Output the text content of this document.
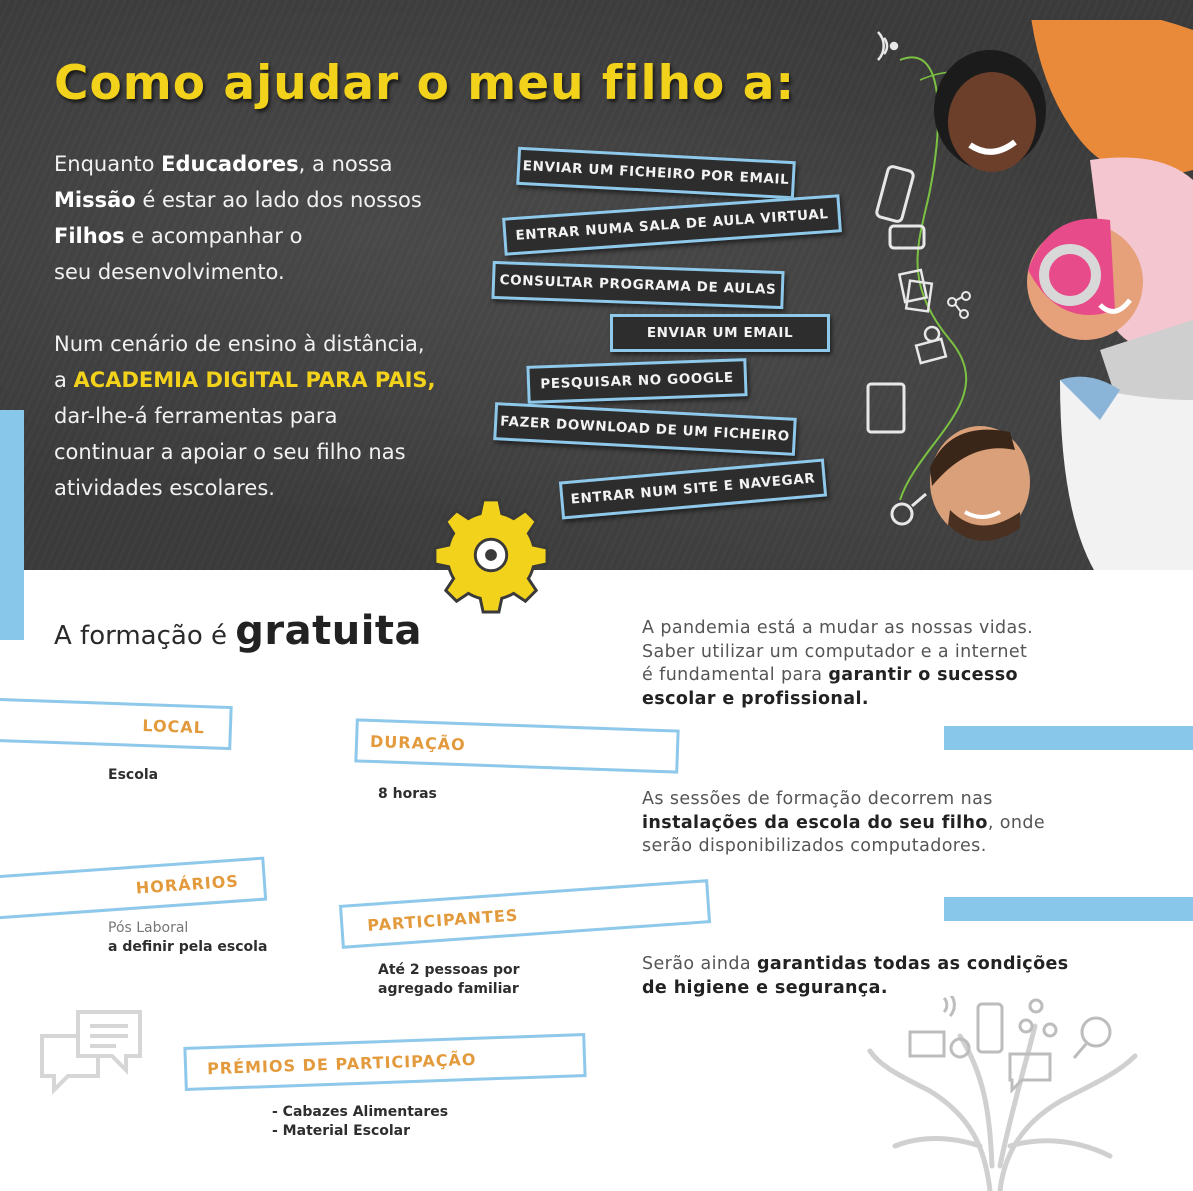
Como ajudar o meu filho a:

Enquanto Educadores, a nossa
Missão é estar ao lado dos nossos
Filhos e acompanhar o
seu desenvolvimento.

Num cenário de ensino à distância,
a ACADEMIA DIGITAL PARA PAIS,
dar-lhe-á ferramentas para
continuar a apoiar o seu filho nas
atividades escolares.

ENVIAR UM FICHEIRO POR EMAIL
ENTRAR NUMA SALA DE AULA VIRTUAL
CONSULTAR PROGRAMA DE AULAS
ENVIAR UM EMAIL
PESQUISAR NO GOOGLE
FAZER DOWNLOAD DE UM FICHEIRO
ENTRAR NUM SITE E NAVEGAR
A formação é gratuita
LOCAL
Escola
DURAÇÃO
8 horas
HORÁRIOS
Pós Laboral
a definir pela escola
PARTICIPANTES
Até 2 pessoas por
agregado familiar
PRÉMIOS DE PARTICIPAÇÃO
- Cabazes Alimentares
- Material Escolar
A pandemia está a mudar as nossas vidas.
Saber utilizar um computador e a internet
é fundamental para garantir o sucesso
escolar e profissional.
As sessões de formação decorrem nas
instalações da escola do seu filho, onde
serão disponibilizados computadores.
Serão ainda garantidas todas as condições
de higiene e segurança.
